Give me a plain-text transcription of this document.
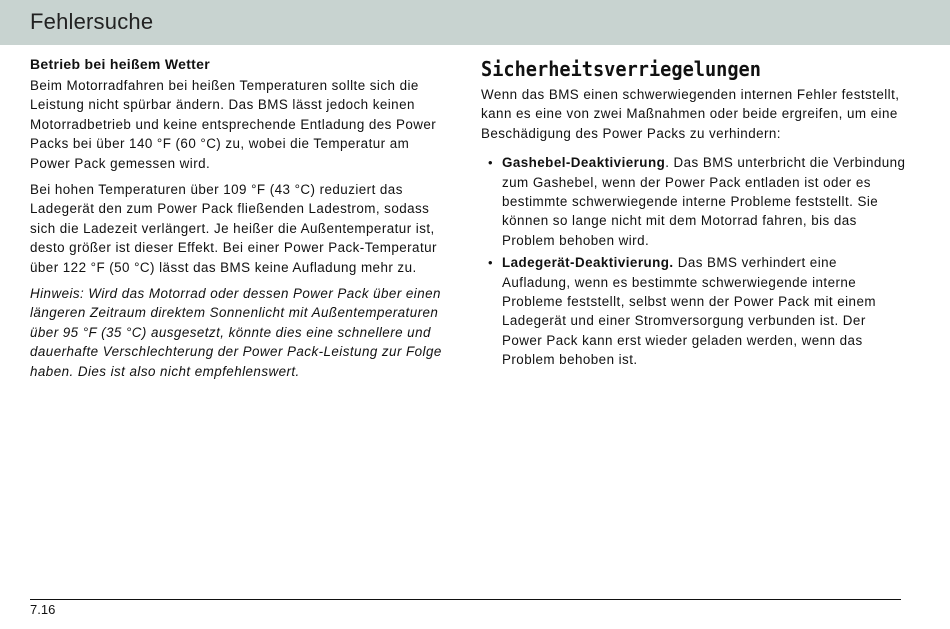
Fehlersuche
Betrieb bei heißem Wetter

Beim Motorradfahren bei heißen Temperaturen sollte sich die Leistung nicht spürbar ändern. Das BMS lässt jedoch keinen Motorradbetrieb und keine entsprechende Entladung des Power Packs bei über 140 °F (60 °C) zu, wobei die Temperatur am Power Pack gemessen wird.

Bei hohen Temperaturen über 109 °F (43 °C) reduziert das Ladegerät den zum Power Pack fließenden Ladestrom, sodass sich die Ladezeit verlängert. Je heißer die Außentemperatur ist, desto größer ist dieser Effekt. Bei einer Power Pack-Temperatur über 122 °F (50 °C) lässt das BMS keine Aufladung mehr zu.

Hinweis: Wird das Motorrad oder dessen Power Pack über einen längeren Zeitraum direktem Sonnenlicht mit Außentemperaturen über 95 °F (35 °C) ausgesetzt, könnte dies eine schnellere und dauerhafte Verschlechterung der Power Pack-Leistung zur Folge haben. Dies ist also nicht empfehlenswert.

Sicherheitsverriegelungen

Wenn das BMS einen schwerwiegenden internen Fehler feststellt, kann es eine von zwei Maßnahmen oder beide ergreifen, um eine Beschädigung des Power Packs zu verhindern:

• Gashebel-Deaktivierung. Das BMS unterbricht die Verbindung zum Gashebel, wenn der Power Pack entladen ist oder es bestimmte schwerwiegende interne Probleme feststellt. Sie können so lange nicht mit dem Motorrad fahren, bis das Problem behoben wird.
• Ladegerät-Deaktivierung. Das BMS verhindert eine Aufladung, wenn es bestimmte schwerwiegende interne Probleme feststellt, selbst wenn der Power Pack mit einem Ladegerät und einer Stromversorgung verbunden ist. Der Power Pack kann erst wieder geladen werden, wenn das Problem behoben ist.
7.16
